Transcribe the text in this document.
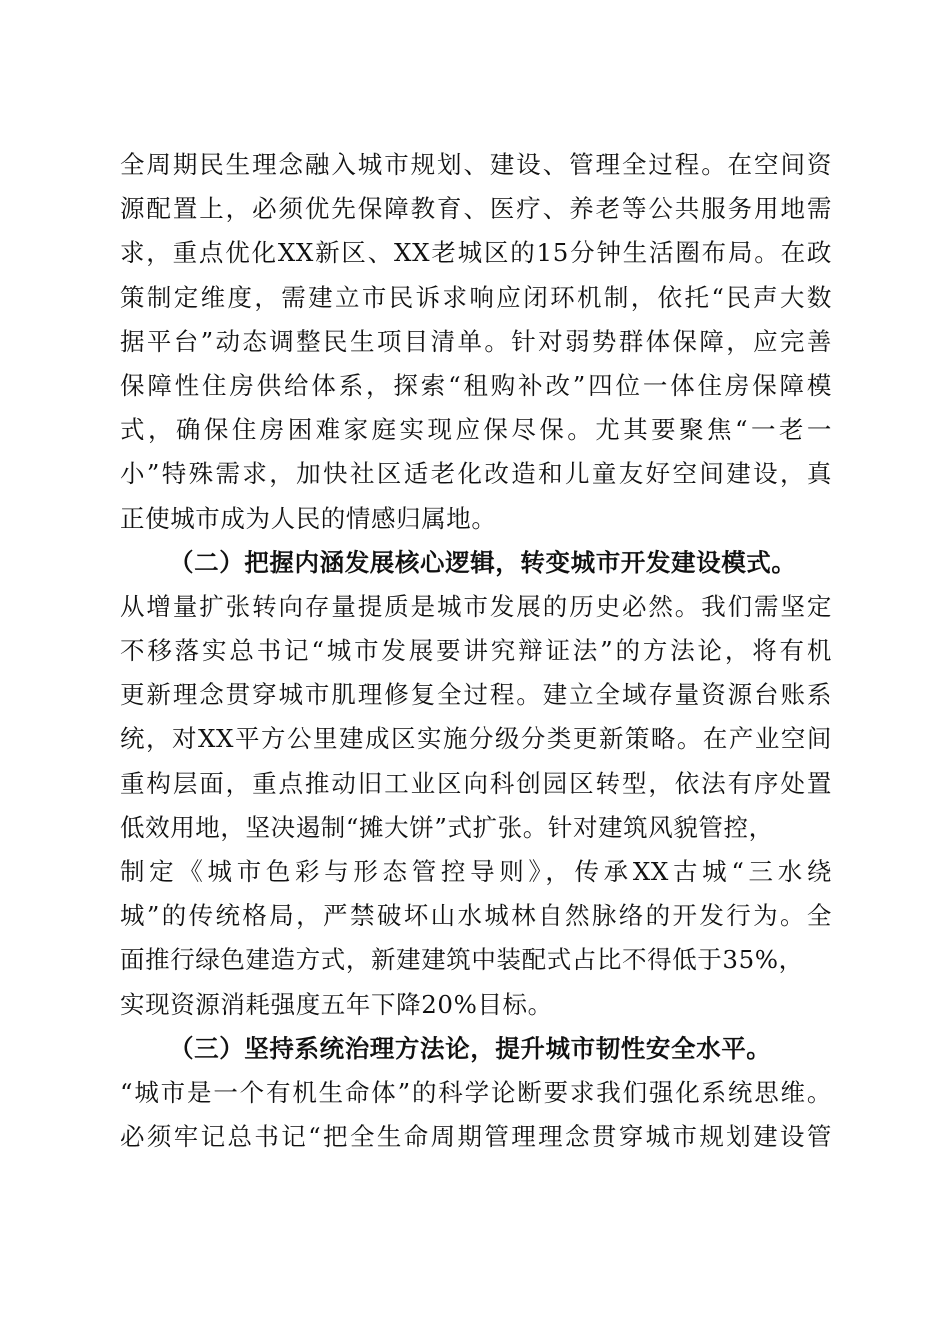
全周期民生理念融入城市规划、建设、管理全过程。在空间资
源配置上，必须优先保障教育、医疗、养老等公共服务用地需
求，重点优化XX新区、XX老城区的15分钟生活圈布局。在政
策制定维度，需建立市民诉求响应闭环机制，依托“民声大数
据平台”动态调整民生项目清单。针对弱势群体保障，应完善
保障性住房供给体系，探索“租购补改”四位一体住房保障模
式，确保住房困难家庭实现应保尽保。尤其要聚焦“一老一
小”特殊需求，加快社区适老化改造和儿童友好空间建设，真
正使城市成为人民的情感归属地。
（二）把握内涵发展核心逻辑，转变城市开发建设模式。
从增量扩张转向存量提质是城市发展的历史必然。我们需坚定
不移落实总书记“城市发展要讲究辩证法”的方法论，将有机
更新理念贯穿城市肌理修复全过程。建立全域存量资源台账系
统，对XX平方公里建成区实施分级分类更新策略。在产业空间
重构层面，重点推动旧工业区向科创园区转型，依法有序处置
低效用地，坚决遏制“摊大饼”式扩张。针对建筑风貌管控，
制定《城市色彩与形态管控导则》，传承XX古城“三水绕
城”的传统格局，严禁破坏山水城林自然脉络的开发行为。全
面推行绿色建造方式，新建建筑中装配式占比不得低于35%，
实现资源消耗强度五年下降20%目标。
（三）坚持系统治理方法论，提升城市韧性安全水平。
“城市是一个有机生命体”的科学论断要求我们强化系统思维。
必须牢记总书记“把全生命周期管理理念贯穿城市规划建设管
